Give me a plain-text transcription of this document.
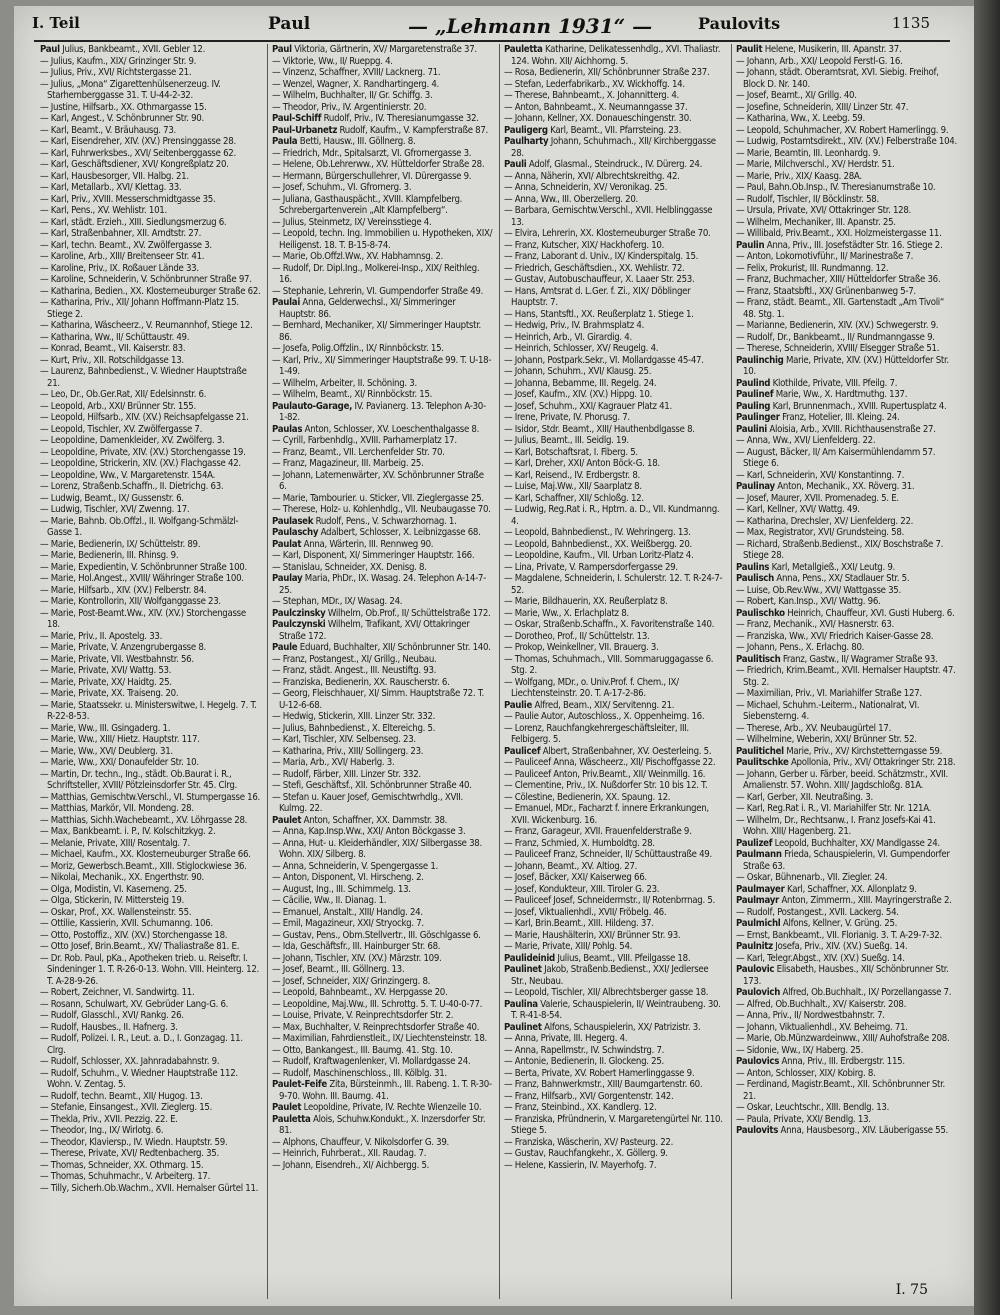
I. Teil	Paul	— „Lehmann 1931“ —	Paulovits	1135

Paul Julius, Bankbeamt., XVII. Gebler 12.

— Julius, Kaufm., XIX/ Grinzinger Str. 9.

— Julius, Priv., XVI/ Richtstergasse 21.

— Julius, „Mona“ Zigarettenhülsenerzeug. IV. Starhemberggasse 31. T. U-44-2-32.

— Justine, Hilfsarb., XX. Othmargasse 15.

— Karl, Angest., V. Schönbrunner Str. 90.

— Karl, Beamt., V. Bräuhausg. 73.

— Karl, Eisendreher, XIV. (XV.) Prensinggasse 28.

— Karl, Fuhrwerksbes., XVI/ Seitenberggasse 62.

— Karl, Geschäftsdiener, XVI/ Kongreßplatz 20.

— Karl, Hausbesorger, VII. Halbg. 21.

— Karl, Metallarb., XVI/ Klettag. 33.

— Karl, Priv., XVIII. Messerschmidtgasse 35.

— Karl, Pens., XV. Wehlistr. 101.

— Karl, städt. Erzieh., XIII. Siedlungsmerzug 6.

— Karl, Straßenbahner, XII. Arndtstr. 27.

— Karl, techn. Beamt., XV. Zwölfergasse 3.

— Karoline, Arb., XIII/ Breitenseer Str. 41.

— Karoline, Priv., IX. Roßauer Lände 33.

— Karoline, Schneiderin, V. Schönbrunner Straße 97.

— Katharina, Bedien., XX. Klosterneuburger Straße 62.

— Katharina, Priv., XII/ Johann Hoffmann-Platz 15. Stiege 2.

— Katharina, Wäscheerz., V. Reumannhof, Stiege 12.

— Katharina, Ww., II/ Schüttaustr. 49.

— Konrad, Beamt., VII. Kaiserstr. 83.

— Kurt, Priv., XII. Rotschildgasse 13.

— Laurenz, Bahnbedienst., V. Wiedner Hauptstraße 21.

— Leo, Dr., Ob.Ger.Rat, XII/ Edelsinnstr. 6.

— Leopold, Arb., XXI/ Brünner Str. 155.

— Leopold, Hilfsarb., XIV. (XV.) Reichsapfelgasse 21.

— Leopold, Tischler, XV. Zwölfergasse 7.

— Leopoldine, Damenkleider, XV. Zwölferg. 3.

— Leopoldine, Private, XIV. (XV.) Storchengasse 19.

— Leopoldine, Strickerin, XIV. (XV.) Flachgasse 42.

— Leopoldine, Ww., V. Margaretenstr. 154A.

— Lorenz, Straßenb.Schaffn., II. Dietrichg. 63.

— Ludwig, Beamt., IX/ Gussenstr. 6.

— Ludwig, Tischler, XVI/ Zwenng. 17.

— Marie, Bahnb. Ob.Offzl., II. Wolfgang-Schmälzl-Gasse 1.

— Marie, Bedienerin, IX/ Schüttelstr. 89.

— Marie, Bedienerin, III. Rhinsg. 9.

— Marie, Expedientin, V. Schönbrunner Straße 100.

— Marie, Hol.Angest., XVIII/ Währinger Straße 100.

— Marie, Hilfsarb., XIV. (XV.) Felberstr. 84.

— Marie, Kontrollorin, XII/ Wolfganggasse 23.

— Marie, Post-Beamt.Ww., XIV. (XV.) Storchengasse 18.

— Marie, Priv., II. Apostelg. 33.

— Marie, Private, V. Anzengrubergasse 8.

— Marie, Private, VII. Westbahnstr. 56.

— Marie, Private, XVI/ Wattg. 53.

— Marie, Private, XX/ Haidtg. 25.

— Marie, Private, XX. Traiseng. 20.

— Marie, Staatssekr. u. Ministerswitwe, I. Hegelg. 7. T. R-22-8-53.

— Marie, Ww., III. Gsingaderg. 1.

— Marie, Ww., XIII/ Hietz. Hauptstr. 117.

— Marie, Ww., XVI/ Deublerg. 31.

— Marie, Ww., XXI/ Donaufelder Str. 10.

— Martin, Dr. techn., Ing., städt. Ob.Baurat i. R., Schriftsteller, XVIII/ Pötzleinsdorfer Str. 45. Clrg.

— Matthias, Gemischtw.Verschl., VI. Stumpergasse 16.

— Matthias, Markör, VII. Mondeng. 28.

— Matthias, Sichh.Wachebeamt., XV. Löhrgasse 28.

— Max, Bankbeamt. i. P., IV. Kolschitzkyg. 2.

— Melanie, Private, XIII/ Rosentalg. 7.

— Michael, Kaufm., XX. Klosterneuburger Straße 66.

— Moriz, Gewerbsch.Beamt., XIII. Stiglockwiese 36.

— Nikolai, Mechanik., XX. Engerthstr. 90.

— Olga, Modistin, VI. Kaserneng. 25.

— Olga, Stickerin, IV. Mittersteig 19.

— Oskar, Prof., XX. Wallensteinstr. 55.

— Ottilie, Kassierin, XVII. Schumanng. 106.

— Otto, Postoffiz., XIV. (XV.) Storchengasse 18.

— Otto Josef, Brin.Beamt., XV/ Thaliastraße 81. E.

— Dr. Rob. Paul, pKa., Apotheken trieb. u. Reiseftr. I. Sindeninger 1. T. R-26-0-13. Wohn. VIII. Heinterg. 12. T. A-28-9-26.

— Robert, Zeichner, VI. Sandwirtg. 11.

— Rosann, Schulwart, XV. Gebrüder Lang-G. 6.

— Rudolf, Glasschl., XVI/ Rankg. 26.

— Rudolf, Hausbes., II. Hafnerg. 3.

— Rudolf, Polizei. I. R., Leut. a. D., I. Gonzagag. 11. Clrg.

— Rudolf, Schlosser, XX. Jahnradabahnstr. 9.

— Rudolf, Schuhm., V. Wiedner Hauptstraße 112. Wohn. V. Zentag. 5.

— Rudolf, techn. Beamt., XII/ Hugog. 13.

— Stefanie, Einsangest., XVII. Zieglerg. 15.

— Thekla, Priv., XVII. Pezzig. 22. E.

— Theodor, Ing., IX/ Wirlotg. 6.

— Theodor, Klaviersp., IV. Wiedn. Hauptstr. 59.

— Therese, Private, XVI/ Redtenbacherg. 35.

— Thomas, Schneider, XX. Othmarg. 15.

— Thomas, Schuhmachr., V. Arbeiterg. 17.

— Tilly, Sicherh.Ob.Wachm., XVII. Hernalser Gürtel 11.

Paul Viktoria, Gärtnerin, XV/ Margaretenstraße 37.

— Viktorie, Ww., II/ Rueppg. 4.

— Vinzenz, Schaffner, XVIII/ Lacknerg. 71.

— Wenzel, Wagner, X. Randhartingerg. 4.

— Wilhelm, Buchhalter, II/ Gr. Schiffg. 3.

— Theodor, Priv., IV. Argentinierstr. 20.

Paul-Schiff Rudolf, Priv., IV. Theresianumgasse 32.

Paul-Urbanetz Rudolf, Kaufm., V. Kampferstraße 87.

Paula Betti, Hausw., III. Göllnerg. 8.

— Friedrich, Mdr., Spitalsarzt, VI. Gfrornergasse 3.

— Helene, Ob.Lehrerww., XV. Hütteldorfer Straße 28.

— Hermann, Bürgerschullehrer, VI. Dürergasse 9.

— Josef, Schuhm., VI. Gfrornerg. 3.

— Juliana, Gasthauspächt., XVIII. Klampfelberg. Schrebergartenverein „Alt Klampfelberg“.

— Julius, Steinmetz, IX/ Vereinsstiege 4.

— Leopold, techn. Ing. Immobilien u. Hypotheken, XIX/ Heiligenst. 18. T. B-15-8-74.

— Marie, Ob.Offzl.Ww., XV. Habhamnsg. 2.

— Rudolf, Dr. Dipl.Ing., Molkerei-Insp., XIX/ Reithleg. 16.

— Stephanie, Lehrerin, VI. Gumpendorfer Straße 49.

Paulai Anna, Gelderwechsl., XI/ Simmeringer Hauptstr. 86.

— Bernhard, Mechaniker, XI/ Simmeringer Hauptstr. 86.

— Josefa, Polig.Offzlin., IX/ Rinnböckstr. 15.

— Karl, Priv., XI/ Simmeringer Hauptstraße 99. T. U-18-1-49.

— Wilhelm, Arbeiter, II. Schöning. 3.

— Wilhelm, Beamt., XI/ Rinnböckstr. 15.

Paulauto-Garage, IV. Pavianerg. 13. Telephon A-30-1-82.

Paulas Anton, Schlosser, XV. Loeschenthalgasse 8.

— Cyrill, Farbenhdlg., XVIII. Parhamerplatz 17.

— Franz, Beamt., VII. Lerchenfelder Str. 70.

— Franz, Magazineur, III. Marbeig. 25.

— Johann, Laternenwärter, XV. Schönbrunner Straße 6.

— Marie, Tambourier. u. Sticker, VII. Zieglergasse 25.

— Therese, Holz- u. Kohlenhdlg., VII. Neubaugasse 70.

Paulasek Rudolf, Pens., V. Schwarzhornag. 1.

Paulaschy Adalbert, Schlosser, X. Leibnizgasse 68.

Paulat Anna, Wärterin, III. Rennweg 90.

— Karl, Disponent, XI/ Simmeringer Hauptstr. 166.

— Stanislau, Schneider, XX. Denisg. 8.

Paulay Maria, PhDr., IX. Wasag. 24. Telephon A-14-7-25.

— Stephan, MDr., IX/ Wasag. 24.

Paulczinsky Wilhelm, Ob.Prof., II/ Schüttelstraße 172.

Paulczynski Wilhelm, Trafikant, XVI/ Ottakringer Straße 172.

Paule Eduard, Buchhalter, XII/ Schönbrunner Str. 140.

— Franz, Postangest., XI/ Grillg., Neubau.

— Franz, städt. Angest., III. Neustiftg. 93.

— Franziska, Bedienerin, XX. Rauscherstr. 6.

— Georg, Fleischhauer, XI/ Simm. Hauptstraße 72. T. U-12-6-68.

— Hedwig, Stickerin, XIII. Linzer Str. 332.

— Julius, Bahnbedienst., X. Eltereichg. 5.

— Karl, Tischler, XIV. Selbenseg. 23.

— Katharina, Priv., XIII/ Sollingerg. 23.

— Maria, Arb., XVI/ Haberlg. 3.

— Rudolf, Färber, XIII. Linzer Str. 332.

— Stefi, Geschäftsf., XII. Schönbrunner Straße 40.

— Stefan u. Kauer Josef, Gemischtwrhdlg., XVII. Kulmg. 22.

Paulet Anton, Schaffner, XX. Dammstr. 38.

— Anna, Kap.Insp.Ww., XXI/ Anton Böckgasse 3.

— Anna, Hut- u. Kleiderhändler, XIX/ Silbergasse 38. Wohn. XIX/ Silberg. 8.

— Anna, Schneiderin, V. Spengergasse 1.

— Anton, Disponent, VI. Hirscheng. 2.

— August, Ing., III. Schimmelg. 13.

— Cäcilie, Ww., II. Dianag. 1.

— Emanuel, Anstalt., XIII/ Handlg. 24.

— Emil, Magazineur, XXI/ Stryockg. 7.

— Gustav, Pens., Obm.Stellvertr., III. Göschlgasse 6.

— Ida, Geschäftsfr., III. Hainburger Str. 68.

— Johann, Tischler, XIV. (XV.) Märzstr. 109.

— Josef, Beamt., III. Göllnerg. 13.

— Josef, Schneider, XIX/ Grinzingerg. 8.

— Leopold, Bahnbeamt., XV. Herpgasse 20.

— Leopoldine, Maj.Ww., III. Schrottg. 5. T. U-40-0-77.

— Louise, Private, V. Reinprechtsdorfer Str. 2.

— Max, Buchhalter, V. Reinprechtsdorfer Straße 40.

— Maximilian, Fahrdienstleit., IX/ Liechtensteinstr. 18.

— Otto, Bankangest., III. Baumg. 41. Stg. 10.

— Rudolf, Kraftwagenlenker, VI. Mollardgasse 24.

— Rudolf, Maschinenschloss., III. Kölblg. 31.

Paulet-Feife Zita, Bürsteinmh., III. Rabeng. 1. T. R-30-9-70. Wohn. III. Baumg. 41.

Paulet Leopoldine, Private, IV. Rechte Wienzeile 10.

Pauletta Alois, Schuhw.Kondukt., X. Inzersdorfer Str. 81.

— Alphons, Chauffeur, V. Nikolsdorfer G. 39.

— Heinrich, Fuhrberat., XII. Raudag. 7.

— Johann, Eisendreh., XI/ Aichbergg. 5.

Pauletta Katharine, Delikatessenhdlg., XVI. Thaliastr. 124. Wohn. XII/ Aichhorng. 5.

— Rosa, Bedienerin, XII/ Schönbrunner Straße 237.

— Stefan, Lederfabrikarb., XV. Wickhoffg. 14.

— Therese, Bahnbeamt., X. Johannitterg. 4.

— Anton, Bahnbeamt., X. Neumanngasse 37.

— Johann, Kellner, XX. Donaueschingenstr. 30.

Pauligerg Karl, Beamt., VII. Pfarrsteing. 23.

Paulharty Johann, Schuhmach., XII/ Kirchberggasse 28.

Pauli Adolf, Glasmal., Steindruck., IV. Dürerg. 24.

— Anna, Näherin, XVI/ Albrechtskreithg. 42.

— Anna, Schneiderin, XV/ Veronikag. 25.

— Anna, Ww., III. Oberzellerg. 20.

— Barbara, Gemischtw.Verschl., XVII. Helblinggasse 13.

— Elvira, Lehrerin, XX. Klosterneuburger Straße 70.

— Franz, Kutscher, XIX/ Hackhoferg. 10.

— Franz, Laborant d. Univ., IX/ Kinderspitalg. 15.

— Friedrich, Geschäftsdien., XX. Wehlistr. 72.

— Gustav, Autobuschauffeur, X. Laaer Str. 253.

— Hans, Amtsrat d. L.Ger. f. Zi., XIX/ Döblinger Hauptstr. 7.

— Hans, Stantsftl., XX. Reußerplatz 1. Stiege 1.

— Hedwig, Priv., IV. Brahmsplatz 4.

— Heinrich, Arb., VI. Girardig. 4.

— Heinrich, Schlosser, XV/ Reugelg. 4.

— Johann, Postpark.Sekr., VI. Mollardgasse 45-47.

— Johann, Schuhm., XVI/ Klausg. 25.

— Johanna, Bebamme, III. Regelg. 24.

— Josef, Kaufm., XIV. (XV.) Hippg. 10.

— Josef, Schuhm., XXI/ Kagrauer Platz 41.

— Irene, Private, IV. Phorusg. 7.

— Isidor, Stdr. Beamt., XIII/ Hauthenbdlgasse 8.

— Julius, Beamt., III. Seidlg. 19.

— Karl, Botschaftsrat, I. Fiberg. 5.

— Karl, Dreher, XXI/ Anton Böck-G. 18.

— Karl, Reisend., IV. Erdbergstr. 8.

— Luise, Maj.Ww., XII/ Saarplatz 8.

— Karl, Schaffner, XII/ Schloßg. 12.

— Ludwig, Reg.Rat i. R., Hptm. a. D., VII. Kundmanng. 4.

— Leopold, Bahnbedienst., IV. Wehringerg. 13.

— Leopold, Bahnbedienst., XX. Weißbergg. 20.

— Leopoldine, Kaufm., VII. Urban Loritz-Platz 4.

— Lina, Private, V. Rampersdorfergasse 29.

— Magdalene, Schneiderin, I. Schulerstr. 12. T. R-24-7-52.

— Marie, Bildhauerin, XX. Reußerplatz 8.

— Marie, Ww., X. Erlachplatz 8.

— Oskar, Straßenb.Schaffn., X. Favoritenstraße 140.

— Dorotheo, Prof., II/ Schüttelstr. 13.

— Prokop, Weinkellner, VII. Brauerg. 3.

— Thomas, Schuhmach., VIII. Sommaruggagasse 6. Stg. 2.

— Wolfgang, MDr., o. Univ.Prof. f. Chem., IX/ Liechtensteinstr. 20. T. A-17-2-86.

Paulie Alfred, Beam., XIX/ Servitenng. 21.

— Paulie Autor, Autoschloss., X. Oppenheimg. 16.

— Lorenz, Rauchfangkehrergeschäftsleiter, III. Felbigerg. 5.

Paulicef Albert, Straßenbahner, XV. Oesterleing. 5.

— Pauliceef Anna, Wäscheerz., XII/ Pischoffgasse 22.

— Pauliceef Anton, Priv.Beamt., XII/ Weinmillg. 16.

— Clementine, Priv., IX. Nußdorfer Str. 10 bis 12. T.

— Cölestine, Bedienerin, XX. Spaung. 12.

— Emanuel, MDr., Facharzt f. innere Erkrankungen, XVII. Wickenburg. 16.

— Franz, Garageur, XVII. Frauenfelderstraße 9.

— Franz, Schmied, X. Humboldtg. 28.

— Pauliceef Franz, Schneider, II/ Schüttaustraße 49.

— Johann, Beamt., XV. Altiog. 27.

— Josef, Bäcker, XXI/ Kaiserweg 66.

— Josef, Kondukteur, XIII. Tiroler G. 23.

— Pauliceef Josef, Schneidermstr., II/ Rotenbrrnag. 5.

— Josef, Viktualienhdl., XVII/ Fröbelg. 46.

— Karl, Brin.Beamt., XIII. Hildeng. 37.

— Marie, Haushälterin, XXI/ Brünner Str. 93.

— Marie, Private, XIII/ Pohlg. 54.

Paulideinid Julius, Beamt., VIII. Pfeilgasse 18.

Paulinet Jakob, Straßenb.Bedienst., XXI/ Jedlersee Str., Neubau.

— Leopold, Tischler, XII/ Albrechtsberger gasse 18.

Paulina Valerie, Schauspielerin, II/ Weintraubeng. 30. T. R-41-8-54.

Paulinet Alfons, Schauspielerin, XX/ Patrizistr. 3.

— Anna, Private, III. Hegerg. 4.

— Anna, Rapellmstr., IV. Schwindstrg. 7.

— Antonie, Bedienerin, II. Glockeng. 25.

— Berta, Private, XV. Robert Hamerlinggasse 9.

— Franz, Bahnwerkmstr., XIII/ Baumgartenstr. 60.

— Franz, Hilfsarb., XVI/ Gorgentenstr. 142.

— Franz, Steinbind., XX. Kandlerg. 12.

— Franziska, Pfründnerin, V. Margaretengürtel Nr. 110. Stiege 5.

— Franziska, Wäscherin, XV/ Pasteurg. 22.

— Gustav, Rauchfangkehr., X. Göllerg. 9.

— Helene, Kassierin, IV. Mayerhofg. 7.

Paulit Helene, Musikerin, III. Apanstr. 37.

— Johann, Arb., XXI/ Leopold Ferstl-G. 16.

— Johann, städt. Oberamtsrat, XVI. Siebig. Freihof, Block D. Nr. 140.

— Josef, Beamt., XI/ Grillg. 40.

— Josefine, Schneiderin, XIII/ Linzer Str. 47.

— Katharina, Ww., X. Leebg. 59.

— Leopold, Schuhmacher, XV. Robert Hamerlingg. 9.

— Ludwig, Postamtsdirekt., XIV. (XV.) Felberstraße 104.

— Marie, Beamtin, III. Leonhardg. 9.

— Marie, Milchverschl., XV/ Herdstr. 51.

— Marie, Priv., XIX/ Kaasg. 28A.

— Paul, Bahn.Ob.Insp., IV. Theresianumstraße 10.

— Rudolf, Tischler, II/ Böcklinstr. 58.

— Ursula, Private, XVI/ Ottakringer Str. 128.

— Wilhelm, Mechaniker, III. Apanstr. 25.

— Willibald, Priv.Beamt., XXI. Holzmeistergasse 11.

Paulin Anna, Priv., III. Josefstädter Str. 16. Stiege 2.

— Anton, Lokomotivführ., II/ Marinestraße 7.

— Felix, Prokurist, III. Rundmanng. 12.

— Franz, Buchmacher, XIII/ Hütteldorfer Straße 36.

— Franz, Staatsbftl., XX/ Grünenbanweg 5-7.

— Franz, städt. Beamt., XII. Gartenstadt „Am Tivoli“ 48. Stg. 1.

— Marianne, Bedienerin, XIV. (XV.) Schwegerstr. 9.

— Rudolf, Dr., Bankbeamt., II/ Rundmanngasse 9.

— Therese, Schneiderin, XVIII/ Elsegger Straße 51.

Paulinchig Marie, Private, XIV. (XV.) Hütteldorfer Str. 10.

Paulind Klothilde, Private, VIII. Pfeilg. 7.

Paulinef Marie, Ww., X. Hardtmuthg. 137.

Pauling Karl, Brunnenmach., XVIII. Rupertusplatz 4.

Paulinger Franz, Hotelier, III. Kleing. 24.

Paulini Aloisia, Arb., XVIII. Richthausenstraße 27.

— Anna, Ww., XVI/ Lienfelderg. 22.

— August, Bäcker, II/ Am Kaisermühlendamm 57. Stiege 6.

— Karl, Schneiderin, XVI/ Konstantinng. 7.

Paulinay Anton, Mechanik., XX. Röverg. 31.

— Josef, Maurer, XVII. Promenadeg. 5. E.

— Karl, Kellner, XVI/ Wattg. 49.

— Katharina, Drechsler, XV/ Lienfelderg. 22.

— Max, Registrator, XVI/ Grundsteing. 58.

— Richard, Straßenb.Bedienst., XIX/ Boschstraße 7. Stiege 28.

Paulins Karl, Metallgieß., XXI/ Leutg. 9.

Paulisch Anna, Pens., XX/ Stadlauer Str. 5.

— Luise, Ob.Rev.Ww., XVI/ Wattgasse 35.

— Robert, Kan.Insp., XVI/ Wattg. 96.

Paulischko Heinrich, Chauffeur, XVI. Gusti Huberg. 6.

— Franz, Mechanik., XVI/ Hasnerstr. 63.

— Franziska, Ww., XVI/ Friedrich Kaiser-Gasse 28.

— Johann, Pens., X. Erlachg. 80.

Paulitisch Franz, Gastw., II/ Wagramer Straße 93.

— Friedrich, Krim.Beamt., XVII. Hernalser Hauptstr. 47. Stg. 2.

— Maximilian, Priv., VI. Mariahilfer Straße 127.

— Michael, Schuhm.-Leiterm., Nationalrat, VI. Siebensterng. 4.

— Therese, Arb., XV. Neubaugürtel 17.

— Wilhelmine, Weberin, XXI/ Brünner Str. 52.

Paulitichel Marie, Priv., XV/ Kirchstetterngasse 59.

Paulitschke Apollonia, Priv., XVI/ Ottakringer Str. 218.

— Johann, Gerber u. Färber, beeid. Schätzmstr., XVII. Amalienstr. 57. Wohn. XIII/ Jagdschloßg. 81A.

— Karl, Gerber, XII. Neutraßing. 3.

— Karl, Reg.Rat i. R., VI. Mariahilfer Str. Nr. 121A.

— Wilhelm, Dr., Rechtsanw., I. Franz Josefs-Kai 41. Wohn. XIII/ Hagenberg. 21.

Paulizef Leopold, Buchhalter, XX/ Mandlgasse 24.

Paulmann Frieda, Schauspielerin, VI. Gumpendorfer Straße 63.

— Oskar, Bühnenarb., VII. Ziegler. 24.

Paulmayer Karl, Schaffner, XX. Allonplatz 9.

Paulmayr Anton, Zimmerm., XIII. Mayringerstraße 2.

— Rudolf, Postangest., XVII. Lackerg. 54.

Paulmichl Alfons, Kellner, V. Grüng. 25.

— Ernst, Bankbeamt., VII. Florianig. 3. T. A-29-7-32.

Paulnitz Josefa, Priv., XIV. (XV.) Sueßg. 14.

— Karl, Telegr.Abgst., XIV. (XV.) Sueßg. 14.

Paulovic Elisabeth, Hausbes., XII/ Schönbrunner Str. 173.

Paulovich Alfred, Ob.Buchhalt., IX/ Porzellangasse 7.

— Alfred, Ob.Buchhalt., XV/ Kaiserstr. 208.

— Anna, Priv., II/ Nordwestbahnstr. 7.

— Johann, Viktualienhdl., XV. Beheimg. 71.

— Marie, Ob.Münzwardeinww., XIII/ Auhofstraße 208.

— Sidonie, Ww., IX/ Haberg. 25.

Paulovics Anna, Priv., III. Erdbergstr. 115.

— Anton, Schlosser, XIX/ Kobirg. 8.

— Ferdinand, Magistr.Beamt., XII. Schönbrunner Str. 21.

— Oskar, Leuchtschr., XIII. Bendlg. 13.

— Paula, Private, XXI/ Bendlg. 13.

Paulovits Anna, Hausbesorg., XIV. Läuberigasse 55.

I. 75
